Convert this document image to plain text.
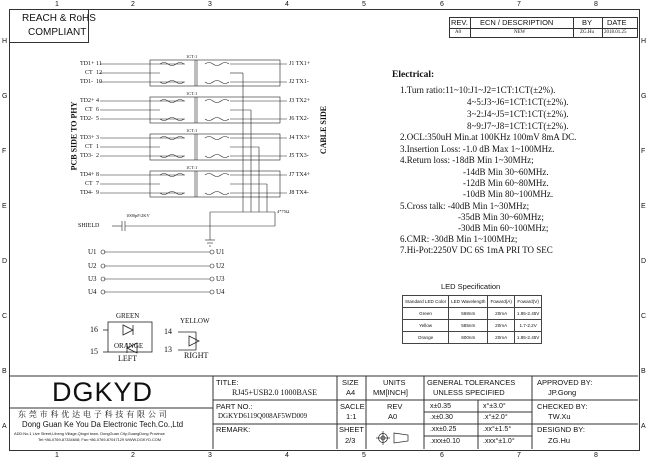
1	2	3	4	5	6	7	8
1	2	3	4	5	6	7	8
H
G
F
E
D
C
B
A
H
G
F
E
D
C
B
A
REACH & RoHS
COMPLIANT
REV. ECN / DESCRIPTION	BY DATE
A0	NEW	ZG.Hu 2018.01.25
PCB SIDE TO PHY	CABLE SIDE
TD1+ 11
CT 12
TD1- 10
TD2+ 4
CT 6
TD2- 5
TD3+ 3
CT 1
TD3- 2
TD4+ 8
CT 7
TD4- 9
J1 TX1+
J2 TX1-
J3 TX2+
J6 TX2-
J4 TX3+
J5 TX3-
J7 TX4+
J8 TX4-
1CT:1
1CT:1
1CT:1
1CT:1
SHIELD
1000pF/2KV
4*75Ω
U1
U2
U3
U4
U1
U2
U3
U4
GREEN
ORANGE
16
15
LEFT
YELLOW
14
13
RIGHT
Electrical:
1.Turn ratio:11~10:J1~J2=1CT:1CT(±2%).
4~5:J3~J6=1CT:1CT(±2%).
3~2:J4~J5=1CT:1CT(±2%).
8~9:J7~J8=1CT:1CT(±2%).
2.OCL:350uH Min.at 100KHz 100mV 8mA DC.
3.Insertion Loss: -1.0 dB Max 1~100MHz.
4.Return loss: -18dB Min 1~30MHz;
-14dB Min 30~60MHz.
-12dB Min 60~80MHz.
-10dB Min 80~100MHz.
5.Cross talk: -40dB Min 1~30MHz;
-35dB Min 30~60MHz;
-30dB Min 60~100MHz;
6.CMR: -30dB Min 1~100MHz;
7.Hi-Pot:2250V DC 6S 1mA PRI TO SEC
LED Specification
Standard LED Color	LED Wavelength	Foward(A)	Foward(V)
Green	568nm	20mA	1.85-2.45V
Yellow	585nm	20mA	1.7-2.2V
Orange	600nm	20mA	1.85-2.45V
DGKYD
东 莞 市 科 优 达 电 子 科 技 有 限 公 司
Dong Guan Ke You Da Electronic Tech.Co.,Ltd
ADD:No.1 Live Street,Liheng Village,Qingxi town, DongGuan City,GuangDong Province
Tel:+86-0769-87334608; Fax:+86-0769-87047129 WWW.DGKYD.COM
TITLE:
RJ45+USB2.0 1000BASE
PART NO.:
DGKYD6119Q008AF5WD009
REMARK:
SIZE
A4
SACLE
1:1
SHEET
2/3
UNITS
MM[INCH]
REV
A0
GENERAL TOLERANCES
UNLESS SPECIFIED
x±0.35	x°±3.0°
.x±0.30	.x°±2.0°
.xx±0.25	.xx°±1.5°
.xxx±0.10	.xxx°±1.0°
APPROVED BY:
JP.Gong
CHECKED BY:
TW.Xu
DESIGND BY:
ZG.Hu
